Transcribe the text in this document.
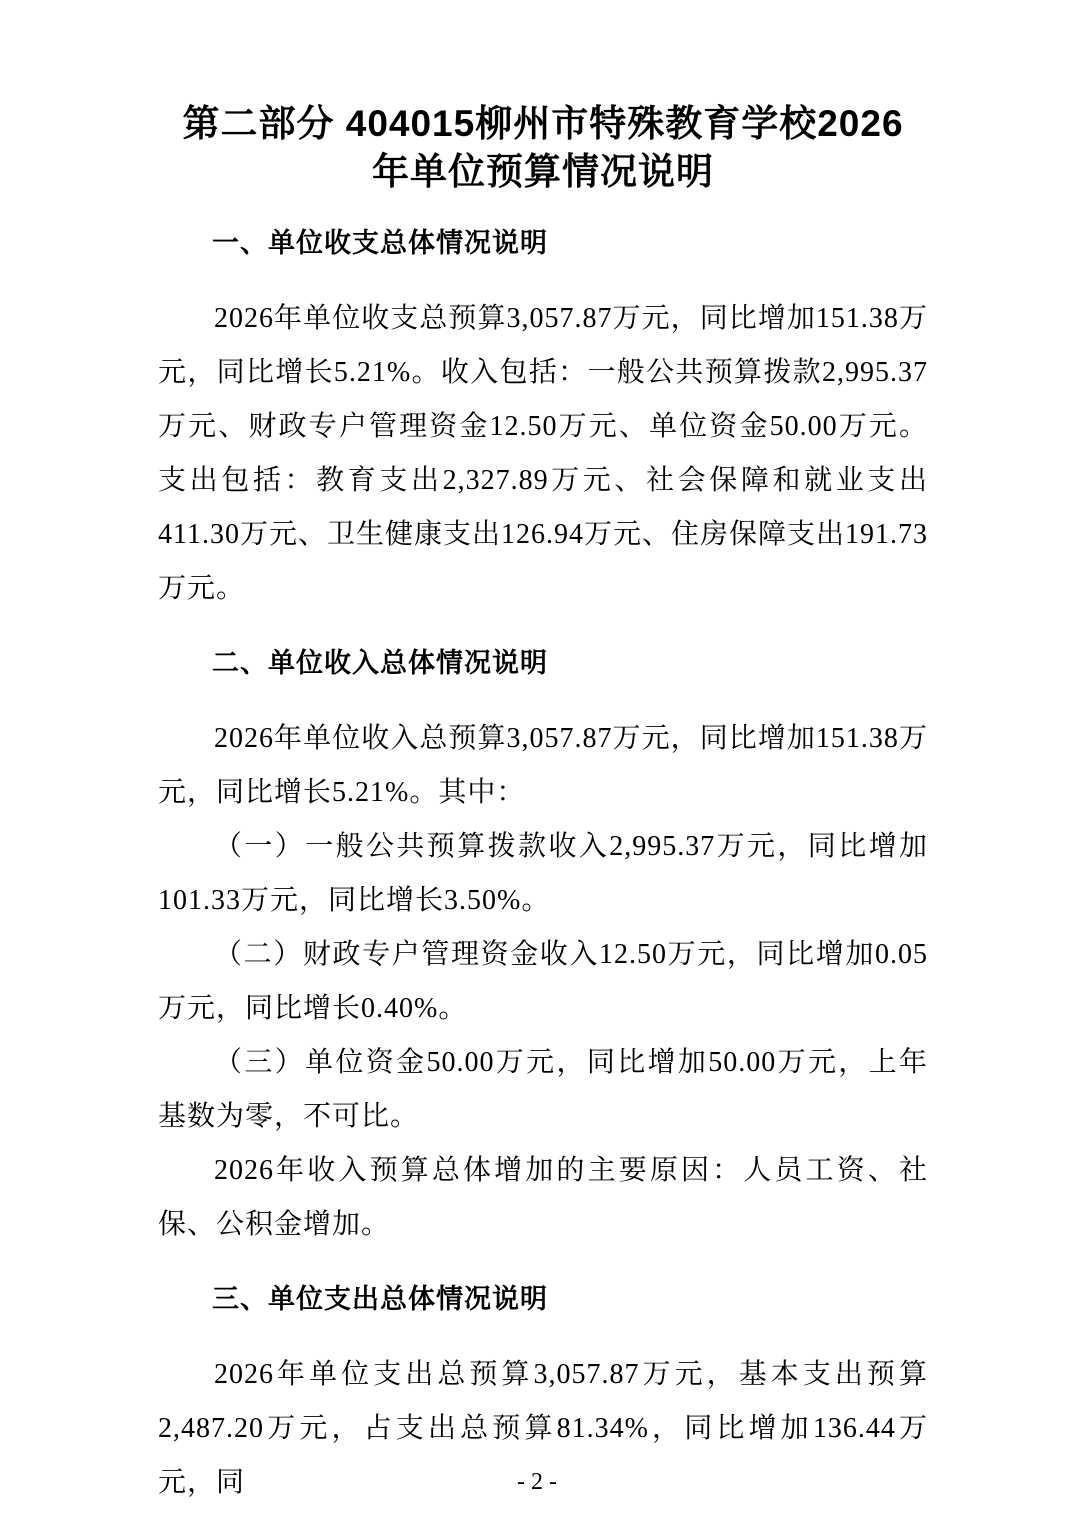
第二部分 404015柳州市特殊教育学校2026
年单位预算情况说明
一、单位收支总体情况说明

2026年单位收支总预算3,057.87万元，同比增加151.38万元，同比增长5.21%。收入包括：一般公共预算拨款2,995.37万元、财政专户管理资金12.50万元、单位资金50.00万元。支出包括：教育支出2,327.89万元、社会保障和就业支出411.30万元、卫生健康支出126.94万元、住房保障支出191.73万元。

二、单位收入总体情况说明

2026年单位收入总预算3,057.87万元，同比增加151.38万元，同比增长5.21%。其中：

（一）一般公共预算拨款收入2,995.37万元，同比增加101.33万元，同比增长3.50%。

（二）财政专户管理资金收入12.50万元，同比增加0.05万元，同比增长0.40%。

（三）单位资金50.00万元，同比增加50.00万元，上年基数为零，不可比。

2026年收入预算总体增加的主要原因：人员工资、社保、公积金增加。

三、单位支出总体情况说明

2026年单位支出总预算3,057.87万元，基本支出预算2,487.20万元，占支出总预算81.34%，同比增加136.44万元，同	- 2 -
